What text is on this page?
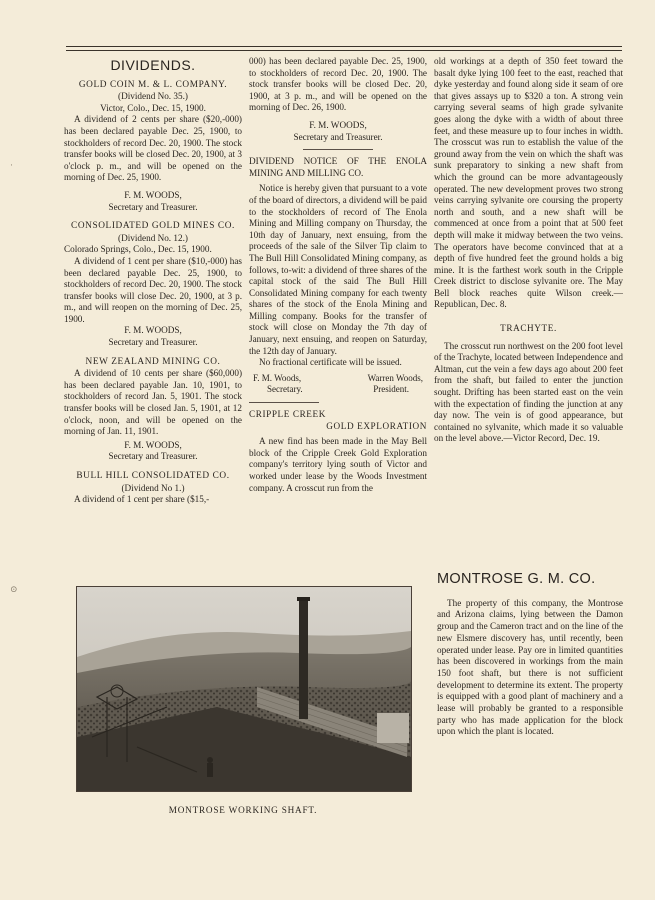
⊙
·
DIVIDENDS.
GOLD COIN M. & L. COMPANY.

(Dividend No. 35.)

Victor, Colo., Dec. 15, 1900.

A dividend of 2 cents per share ($20,-000) has been declared payable Dec. 25, 1900, to stockholders of record Dec. 20, 1900. The stock transfer books will be closed Dec. 20, 1900, at 3 o'clock p. m., and will be opened on the morning of Dec. 25, 1900.

F. M. WOODS,
Secretary and Treasurer.
CONSOLIDATED GOLD MINES CO.

(Dividend No. 12.)

Colorado Springs, Colo., Dec. 15, 1900.

A dividend of 1 cent per share ($10,-000) has been declared payable Dec. 25, 1900, to stockholders of record Dec. 20, 1900. The stock transfer books will close Dec. 20, 1900, at 3 p. m., and will reopen on the morning of Dec. 25, 1900.

F. M. WOODS,
Secretary and Treasurer.
NEW ZEALAND MINING CO.

A dividend of 10 cents per share ($60,000) has been declared payable Jan. 10, 1901, to stockholders of record Jan. 5, 1901. The stock transfer books will be closed Jan. 5, 1901, at 12 o'clock, noon, and will be opened on the morning of Jan. 11, 1901.

F. M. WOODS,
Secretary and Treasurer.
BULL HILL CONSOLIDATED CO.

(Dividend No 1.)

A dividend of 1 cent per share ($15,-

000) has been declared payable Dec. 25, 1900, to stockholders of record Dec. 20, 1900. The stock transfer books will be closed Dec. 20, 1900, at 3 p. m., and will be opened on the morning of Dec. 26, 1900.

F. M. WOODS,
Secretary and Treasurer.

DIVIDEND NOTICE OF THE ENOLA MINING AND MILLING CO.

Notice is hereby given that pursuant to a vote of the board of directors, a dividend will be paid to the stockholders of record of The Enola Mining and Milling company on Thursday, the 10th day of January, next ensuing, from the proceeds of the sale of the Silver Tip claim to The Bull Hill Consolidated Mining company, as follows, to-wit: a dividend of three shares of the capital stock of the said The Bull Hill Consolidated Mining company for each twenty shares of the stock of the Enola Mining and Milling company. Books for the transfer of stock will close on Monday the 7th day of January, next ensuing, and reopen on Saturday, the 12th day of January.

No fractional certificate will be issued.

F. M. Woods,	Warren Woods,
Secretary.	President.

CRIPPLE CREEK

GOLD EXPLORATION

A new find has been made in the May Bell block of the Cripple Creek Gold Exploration company's territory lying south of Victor and worked under lease by the Woods Investment company. A crosscut run from the

old workings at a depth of 350 feet toward the basalt dyke lying 100 feet to the east, reached that dyke yesterday and found along side it seam of ore that gives assays up to $320 a ton. A strong vein carrying several seams of high grade sylvanite goes along the dyke with a width of about three feet, and these measure up to four inches in width. The crosscut was run to establish the value of the ground away from the vein on which the shaft was sunk preparatory to sinking a new shaft from which the ground can be more advantageously operated. The new development proves two strong veins carrying sylvanite ore coursing the property north and south, and a new shaft will be commenced at once from a point that at 500 feet depth will make it midway between the two veins. The operators have become convinced that at a depth of five hundred feet the ground holds a big mine. It is the farthest work south in the Cripple Creek district to disclose sylvanite ore. The May Bell block reaches quite Wilson creek.—Republican, Dec. 8.

TRACHYTE.

The crosscut run northwest on the 200 foot level of the Trachyte, located between Independence and Altman, cut the vein a few days ago about 200 feet from the shaft, but failed to enter the junction sought. Drifting has been started east on the vein with the expectation of finding the junction at any day now. The vein is of good appearance, but contained no sylvanite, which made it so valuable on the level above.—Victor Record, Dec. 19.

MONTROSE WORKING SHAFT.
MONTROSE G. M. CO.

The property of this company, the Montrose and Arizona claims, lying between the Damon group and the Cameron tract and on the line of the new Elsmere discovery has, until recently, been operated under lease. Pay ore in limited quantities has been discovered in workings from the main 150 foot shaft, but there is not sufficient development to determine its extent. The property is equipped with a good plant of machinery and a lease will probably be granted to a responsible party who has made application for the block upon which the plant is located.
